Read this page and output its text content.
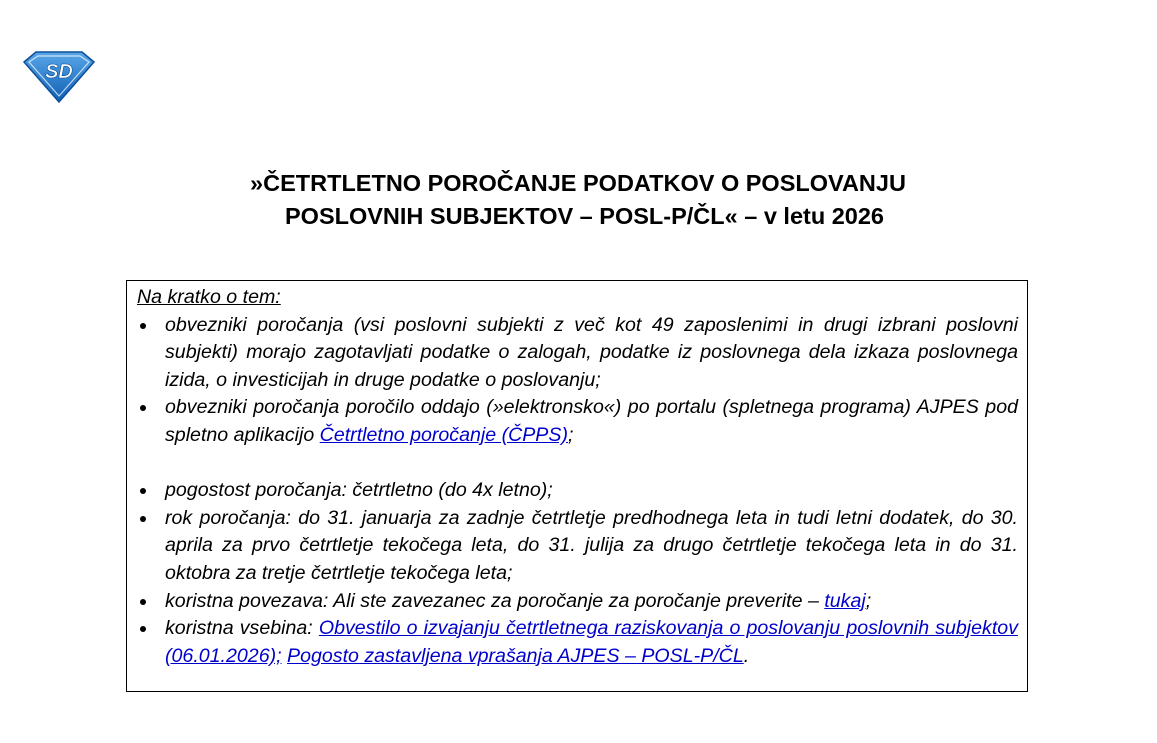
SD
»ČETRTLETNO POROČANJE PODATKOV O POSLOVANJU
POSLOVNIH SUBJEKTOV – POSL-P/ČL« – v letu 2026
Na kratko o tem:
obvezniki poročanja (vsi poslovni subjekti z več kot 49 zaposlenimi in drugi izbrani poslovni subjekti) morajo zagotavljati podatke o zalogah, podatke iz poslovnega dela izkaza poslovnega izida, o investicijah in druge podatke o poslovanju;
obvezniki poročanja poročilo oddajo (»elektronsko«) po portalu (spletnega programa) AJPES pod spletno aplikacijo Četrtletno poročanje (ČPPS);
pogostost poročanja: četrtletno (do 4x letno);
rok poročanja: do 31. januarja za zadnje četrtletje predhodnega leta in tudi letni dodatek, do 30. aprila za prvo četrtletje tekočega leta, do 31. julija za drugo četrtletje tekočega leta in do 31. oktobra za tretje četrtletje tekočega leta;
koristna povezava: Ali ste zavezanec za poročanje za poročanje preverite – tukaj;
koristna vsebina: Obvestilo o izvajanju četrtletnega raziskovanja o poslovanju poslovnih subjektov (06.01.2026); Pogosto zastavljena vprašanja AJPES – POSL-P/ČL.
